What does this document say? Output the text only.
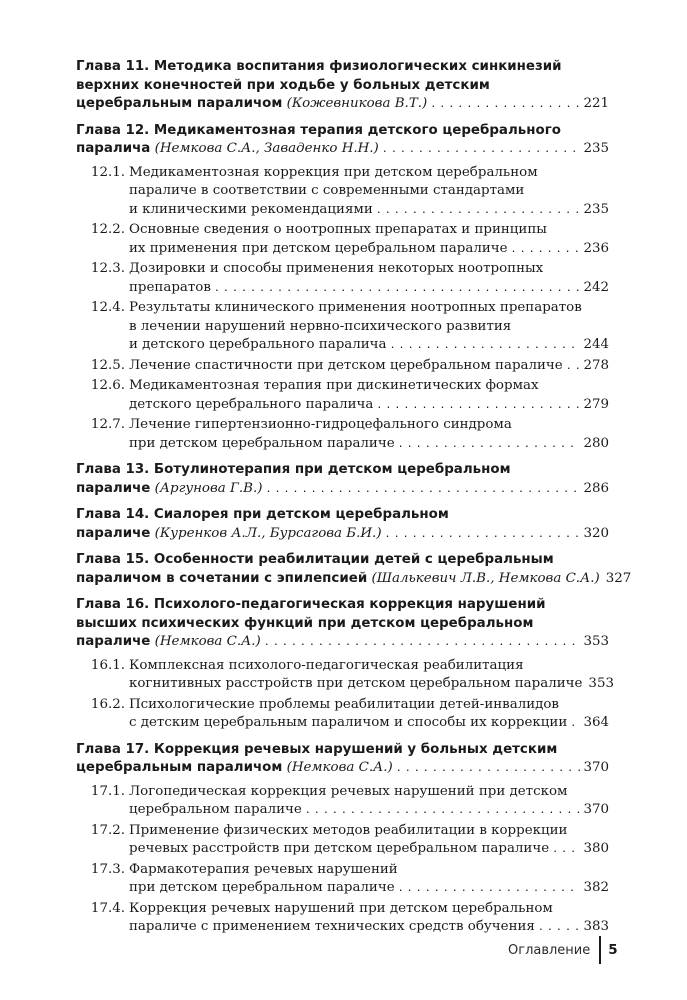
Глава 11. Методика воспитания физиологических синкинезий
верхних конечностей при ходьбе у больных детским
церебральным параличом (Кожевникова В.Т.) .....	221
Глава 12. Медикаментозная терапия детского церебрального
паралича (Немкова С.А., Заваденко Н.Н.) .....	235
12.1. Медикаментозная коррекция при детском церебральном
параличе в соответствии с современными стандартами
и клиническими рекомендациями .....	235
12.2. Основные сведения о ноотропных препаратах и принципы
их применения при детском церебральном параличе .....	236
12.3. Дозировки и способы применения некоторых ноотропных
препаратов .....	242
12.4. Результаты клинического применения ноотропных препаратов
в лечении нарушений нервно-психического развития
и детского церебрального паралича .....	244
12.5. Лечение спастичности при детском церебральном параличе ..... 278
12.6. Медикаментозная терапия при дискинетических формах
детского церебрального паралича .....	279
12.7. Лечение гипертензионно-гидроцефального синдрома
при детском церебральном параличе .....	280
Глава 13. Ботулинотерапия при детском церебральном
параличе (Аргунова Г.В.) .....	286
Глава 14. Сиалорея при детском церебральном
параличе (Куренков А.Л., Бурсагова Б.И.) .....	320
Глава 15. Особенности реабилитации детей с церебральным
параличом в сочетании с эпилепсией (Шалькевич Л.В., Немкова С.А.) 327
Глава 16. Психолого-педагогическая коррекция нарушений
высших психических функций при детском церебральном
параличе (Немкова С.А.) .....	353
16.1. Комплексная психолого-педагогическая реабилитация
когнитивных расстройств при детском церебральном параличе 353
16.2. Психологические проблемы реабилитации детей-инвалидов
с детским церебральным параличом и способы их коррекции ..... 364
Глава 17. Коррекция речевых нарушений у больных детским
церебральным параличом (Немкова С.А.) .....	370
17.1. Логопедическая коррекция речевых нарушений при детском
церебральном параличе .....	370
17.2. Применение физических методов реабилитации в коррекции
речевых расстройств при детском церебральном параличе .....	380
17.3. Фармакотерапия речевых нарушений
при детском церебральном параличе .....	382
17.4. Коррекция речевых нарушений при детском церебральном
параличе с применением технических средств обучения .....	383
Оглавление 5
